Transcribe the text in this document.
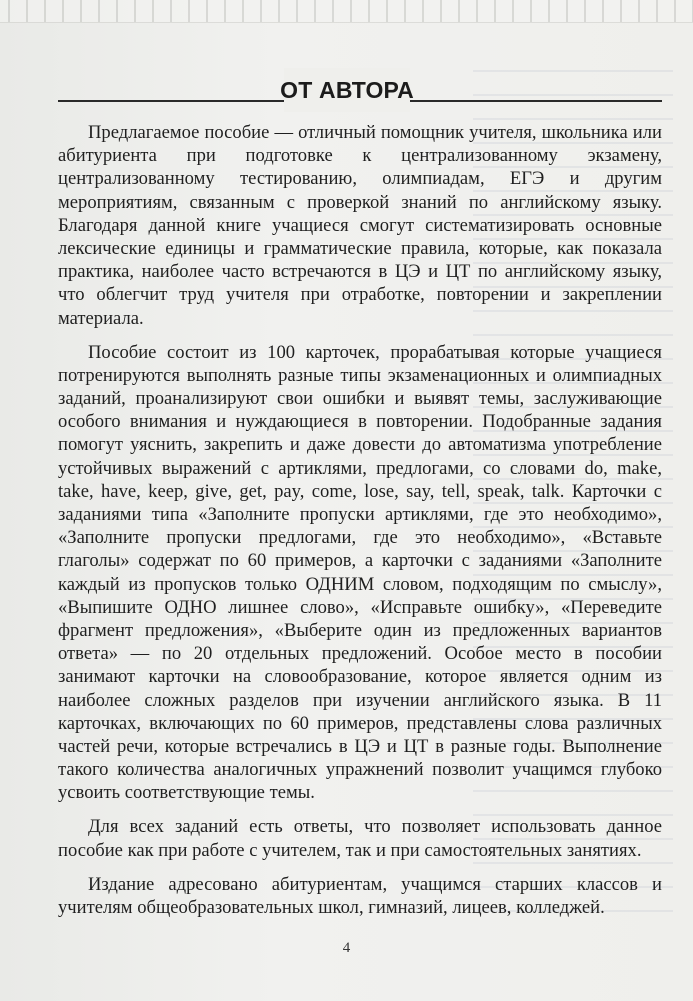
ОТ АВТОРА

Предлагаемое пособие — отличный помощник учителя, школьника или абитуриента при подготовке к централизованному экзамену, централизованному тестированию, олимпиадам, ЕГЭ и другим мероприятиям, связанным с проверкой знаний по английскому языку. Благодаря данной книге учащиеся смогут систематизировать основные лексические единицы и грамматические правила, которые, как показала практика, наиболее часто встречаются в ЦЭ и ЦТ по английскому языку, что облегчит труд учителя при отработке, повторении и закреплении материала.

Пособие состоит из 100 карточек, прорабатывая которые учащиеся потренируются выполнять разные типы экзаменационных и олимпиадных заданий, проанализируют свои ошибки и выявят темы, заслуживающие особого внимания и нуждающиеся в повторении. Подобранные задания помогут уяснить, закрепить и даже довести до автоматизма употребление устойчивых выражений с артиклями, предлогами, со словами do, make, take, have, keep, give, get, pay, come, lose, say, tell, speak, talk. Карточки с заданиями типа «Заполните пропуски артиклями, где это необходимо», «Заполните пропуски предлогами, где это необходимо», «Вставьте глаголы» содержат по 60 примеров, а карточки с заданиями «Заполните каждый из пропусков только ОДНИМ словом, подходящим по смыслу», «Выпишите ОДНО лишнее слово», «Исправьте ошибку», «Переведите фрагмент предложения», «Выберите один из предложенных вариантов ответа» — по 20 отдельных предложений. Особое место в пособии занимают карточки на словообразование, которое является одним из наиболее сложных разделов при изучении английского языка. В 11 карточках, включающих по 60 примеров, представлены слова различных частей речи, которые встречались в ЦЭ и ЦТ в разные годы. Выполнение такого количества аналогичных упражнений позволит учащимся глубоко усвоить соответствующие темы.

Для всех заданий есть ответы, что позволяет использовать данное пособие как при работе с учителем, так и при самостоятельных занятиях.

Издание адресовано абитуриентам, учащимся старших классов и учителям общеобразовательных школ, гимназий, лицеев, колледжей.

4
